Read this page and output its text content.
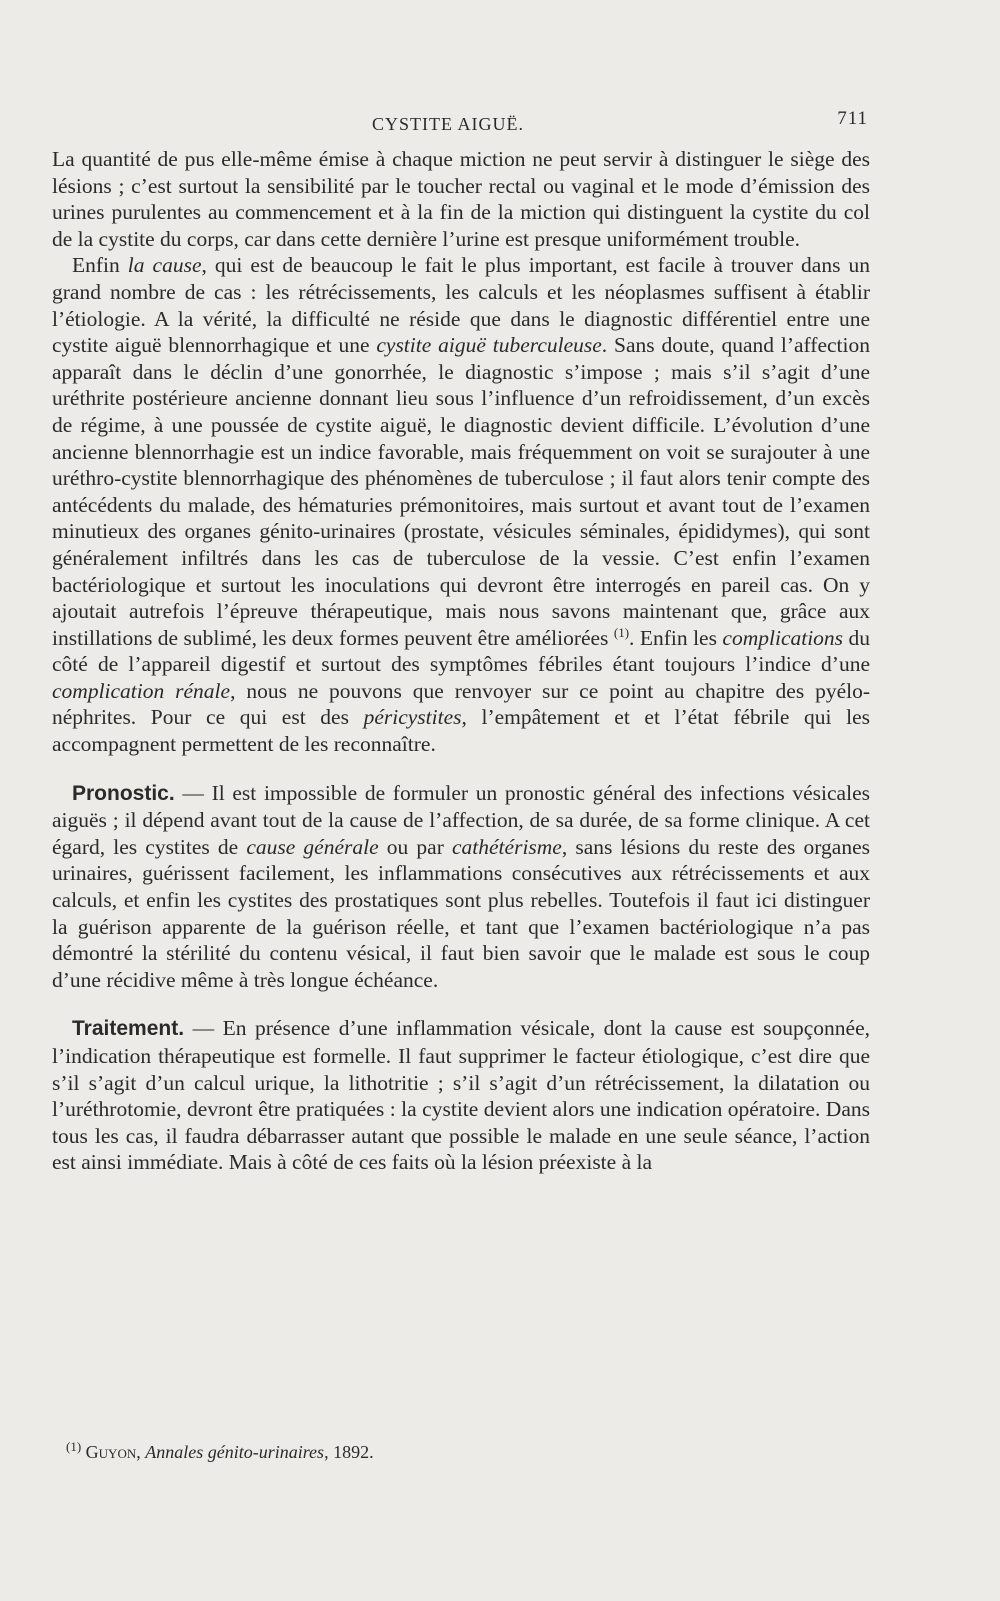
CYSTITE AIGUË.	711

La quantité de pus elle-même émise à chaque miction ne peut servir à distinguer le siège des lésions ; c’est surtout la sensibilité par le toucher rectal ou vaginal et le mode d’émission des urines purulentes au commencement et à la fin de la miction qui distinguent la cystite du col de la cystite du corps, car dans cette dernière l’urine est presque uniformément trouble.

Enfin la cause, qui est de beaucoup le fait le plus important, est facile à trouver dans un grand nombre de cas : les rétrécissements, les calculs et les néoplasmes suffisent à établir l’étiologie. A la vérité, la difficulté ne réside que dans le diagnostic différentiel entre une cystite aiguë blennorrhagique et une cystite aiguë tuberculeuse. Sans doute, quand l’affection apparaît dans le déclin d’une gonorrhée, le diagnostic s’impose ; mais s’il s’agit d’une uréthrite postérieure ancienne donnant lieu sous l’influence d’un refroidissement, d’un excès de régime, à une poussée de cystite aiguë, le diagnostic devient difficile. L’évolution d’une ancienne blennorrhagie est un indice favorable, mais fréquemment on voit se surajouter à une uréthro-cystite blennorrhagique des phénomènes de tuberculose ; il faut alors tenir compte des antécédents du malade, des hématuries prémonitoires, mais surtout et avant tout de l’examen minutieux des organes génito-urinaires (prostate, vésicules séminales, épididymes), qui sont généralement infiltrés dans les cas de tuberculose de la vessie. C’est enfin l’examen bactériologique et surtout les inoculations qui devront être interrogés en pareil cas. On y ajoutait autrefois l’épreuve thérapeutique, mais nous savons maintenant que, grâce aux instillations de sublimé, les deux formes peuvent être améliorées $^{(1)}$. Enfin les complications du côté de l’appareil digestif et surtout des symptômes fébriles étant toujours l’indice d’une complication rénale, nous ne pouvons que renvoyer sur ce point au chapitre des pyélo-néphrites. Pour ce qui est des péricystites, l’empâtement et et l’état fébrile qui les accompagnent permettent de les reconnaître.

Pronostic. — Il est impossible de formuler un pronostic général des infections vésicales aiguës ; il dépend avant tout de la cause de l’affection, de sa durée, de sa forme clinique. A cet égard, les cystites de cause générale ou par cathétérisme, sans lésions du reste des organes urinaires, guérissent facilement, les inflammations consécutives aux rétrécissements et aux calculs, et enfin les cystites des prostatiques sont plus rebelles. Toutefois il faut ici distinguer la guérison apparente de la guérison réelle, et tant que l’examen bactériologique n’a pas démontré la stérilité du contenu vésical, il faut bien savoir que le malade est sous le coup d’une récidive même à très longue échéance.

Traitement. — En présence d’une inflammation vésicale, dont la cause est soupçonnée, l’indication thérapeutique est formelle. Il faut supprimer le facteur étiologique, c’est dire que s’il s’agit d’un calcul urique, la lithotritie ; s’il s’agit d’un rétrécissement, la dilatation ou l’uréthrotomie, devront être pratiquées : la cystite devient alors une indication opératoire. Dans tous les cas, il faudra débarrasser autant que possible le malade en une seule séance, l’action est ainsi immédiate. Mais à côté de ces faits où la lésion préexiste à la

$^{(1)}$ Guyon, Annales génito-urinaires, 1892.
